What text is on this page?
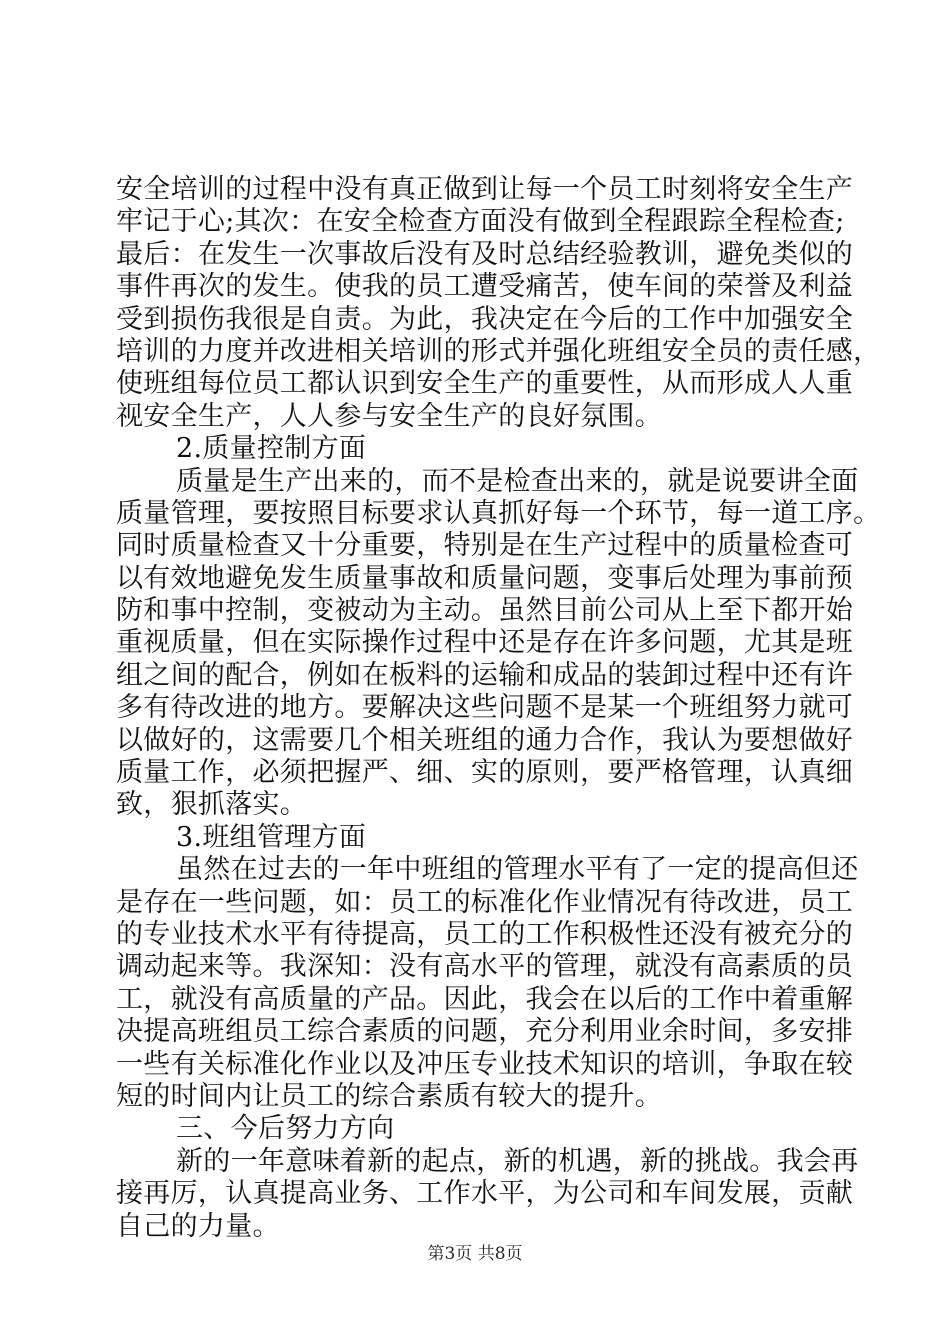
安全培训的过程中没有真正做到让每一个员工时刻将安全生产
牢记于心;其次：在安全检查方面没有做到全程跟踪全程检查;
最后：在发生一次事故后没有及时总结经验教训，避免类似的
事件再次的发生。使我的员工遭受痛苦，使车间的荣誉及利益
受到损伤我很是自责。为此，我决定在今后的工作中加强安全
培训的力度并改进相关培训的形式并强化班组安全员的责任感，
使班组每位员工都认识到安全生产的重要性，从而形成人人重
视安全生产，人人参与安全生产的良好氛围。
2.质量控制方面
质量是生产出来的，而不是检查出来的，就是说要讲全面
质量管理，要按照目标要求认真抓好每一个环节，每一道工序。
同时质量检查又十分重要，特别是在生产过程中的质量检查可
以有效地避免发生质量事故和质量问题，变事后处理为事前预
防和事中控制，变被动为主动。虽然目前公司从上至下都开始
重视质量，但在实际操作过程中还是存在许多问题，尤其是班
组之间的配合，例如在板料的运输和成品的装卸过程中还有许
多有待改进的地方。要解决这些问题不是某一个班组努力就可
以做好的，这需要几个相关班组的通力合作，我认为要想做好
质量工作，必须把握严、细、实的原则，要严格管理，认真细
致，狠抓落实。
3.班组管理方面
虽然在过去的一年中班组的管理水平有了一定的提高但还
是存在一些问题，如：员工的标准化作业情况有待改进，员工
的专业技术水平有待提高，员工的工作积极性还没有被充分的
调动起来等。我深知：没有高水平的管理，就没有高素质的员
工，就没有高质量的产品。因此，我会在以后的工作中着重解
决提高班组员工综合素质的问题，充分利用业余时间，多安排
一些有关标准化作业以及冲压专业技术知识的培训，争取在较
短的时间内让员工的综合素质有较大的提升。
三、今后努力方向
新的一年意味着新的起点，新的机遇，新的挑战。我会再
接再厉，认真提高业务、工作水平，为公司和车间发展，贡献
自己的力量。
第3页 共8页
